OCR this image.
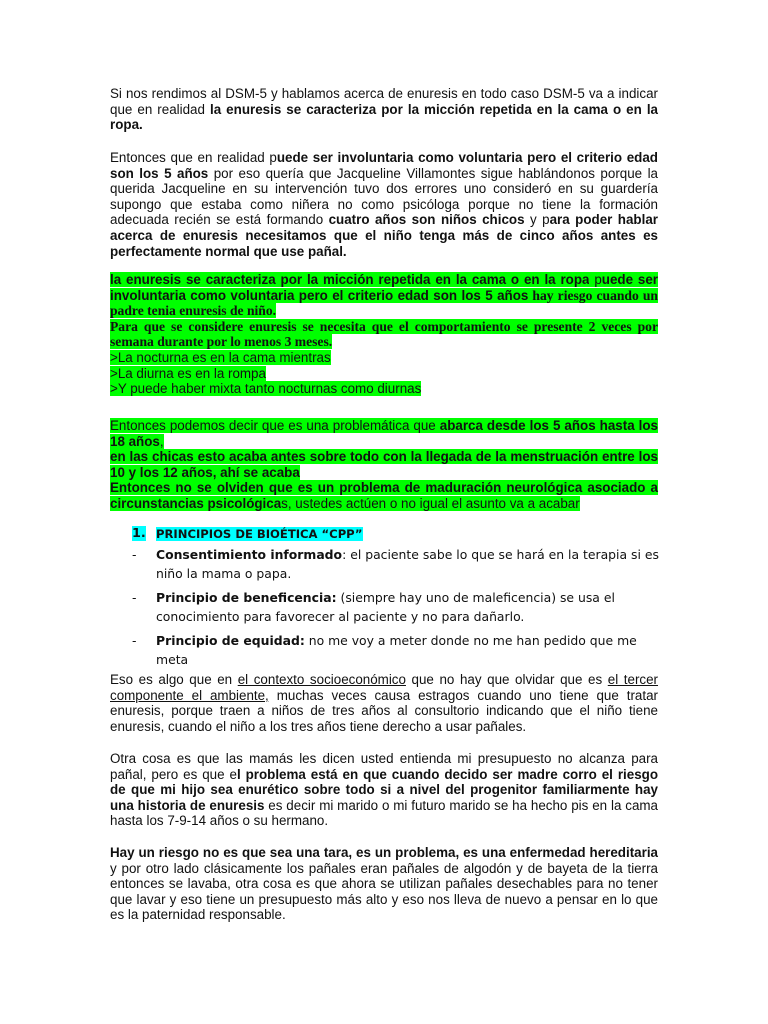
Si nos rendimos al DSM-5 y hablamos acerca de enuresis en todo caso DSM-5 va a indicar que en realidad la enuresis se caracteriza por la micción repetida en la cama o en la ropa.
Entonces que en realidad puede ser involuntaria como voluntaria pero el criterio edad son los 5 años por eso quería que Jacqueline Villamontes sigue hablándonos porque la querida Jacqueline en su intervención tuvo dos errores uno consideró en su guardería supongo que estaba como niñera no como psicóloga porque no tiene la formación adecuada recién se está formando cuatro años son niños chicos y para poder hablar acerca de enuresis necesitamos que el niño tenga más de cinco años antes es perfectamente normal que use pañal.
la enuresis se caracteriza por la micción repetida en la cama o en la ropa puede ser involuntaria como voluntaria pero el criterio edad son los 5 años hay riesgo cuando un padre tenia enuresis de niño.
Para que se considere enuresis se necesita que el comportamiento se presente 2 veces por semana durante por lo menos 3 meses.
>La nocturna es en la cama mientras
>La diurna es en la rompa
>Y puede haber mixta tanto nocturnas como diurnas
Entonces podemos decir que es una problemática que abarca desde los 5 años hasta los 18 años,
en las chicas esto acaba antes sobre todo con la llegada de la menstruación entre los 10 y los 12 años, ahí se acaba
Entonces no se olviden que es un problema de maduración neurológica asociado a circunstancias psicológicas, ustedes actúen o no igual el asunto va a acabar
1. PRINCIPIOS DE BIOÉTICA “CPP”
- Consentimiento informado: el paciente sabe lo que se hará en la terapia si es niño la mama o papa.
- Principio de beneficencia: (siempre hay uno de maleficencia) se usa el conocimiento para favorecer al paciente y no para dañarlo.
- Principio de equidad: no me voy a meter donde no me han pedido que me meta
Eso es algo que en el contexto socioeconómico que no hay que olvidar que es el tercer componente el ambiente, muchas veces causa estragos cuando uno tiene que tratar enuresis, porque traen a niños de tres años al consultorio indicando que el niño tiene enuresis, cuando el niño a los tres años tiene derecho a usar pañales.
Otra cosa es que las mamás les dicen usted entienda mi presupuesto no alcanza para pañal, pero es que el problema está en que cuando decido ser madre corro el riesgo de que mi hijo sea enurético sobre todo si a nivel del progenitor familiarmente hay una historia de enuresis es decir mi marido o mi futuro marido se ha hecho pis en la cama hasta los 7-9-14 años o su hermano.
Hay un riesgo no es que sea una tara, es un problema, es una enfermedad hereditaria y por otro lado clásicamente los pañales eran pañales de algodón y de bayeta de la tierra entonces se lavaba, otra cosa es que ahora se utilizan pañales desechables para no tener que lavar y eso tiene un presupuesto más alto y eso nos lleva de nuevo a pensar en lo que es la paternidad responsable.
